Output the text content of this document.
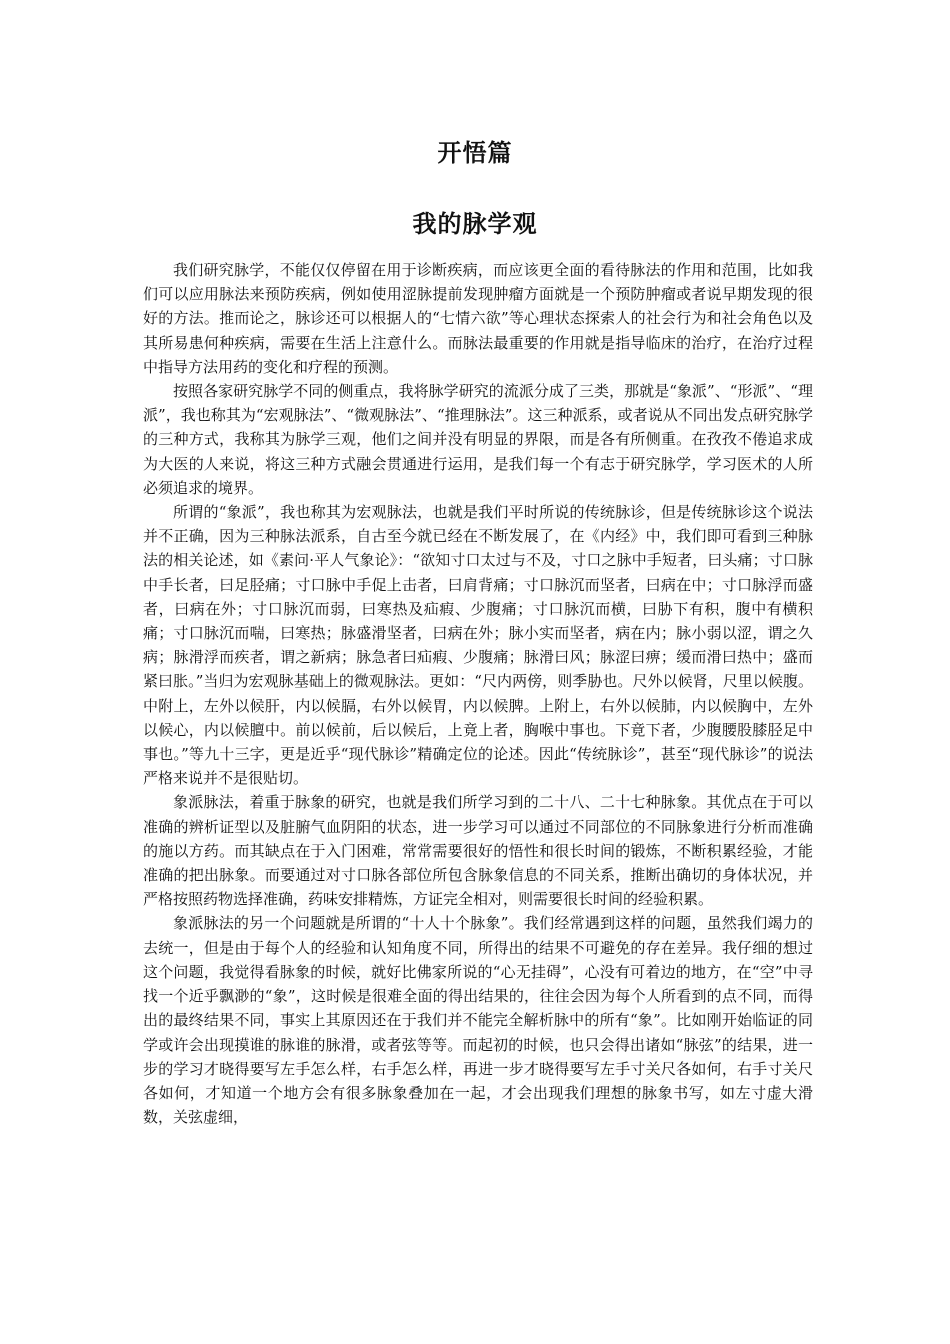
开悟篇
我的脉学观

我们研究脉学，不能仅仅停留在用于诊断疾病，而应该更全面的看待脉法的作用和范围，比如我们可以应用脉法来预防疾病，例如使用涩脉提前发现肿瘤方面就是一个预防肿瘤或者说早期发现的很好的方法。推而论之，脉诊还可以根据人的“七情六欲”等心理状态探索人的社会行为和社会角色以及其所易患何种疾病，需要在生活上注意什么。而脉法最重要的作用就是指导临床的治疗，在治疗过程中指导方法用药的变化和疗程的预测。

按照各家研究脉学不同的侧重点，我将脉学研究的流派分成了三类，那就是“象派”、“形派”、“理派”，我也称其为“宏观脉法”、“微观脉法”、“推理脉法”。这三种派系，或者说从不同出发点研究脉学的三种方式，我称其为脉学三观，他们之间并没有明显的界限，而是各有所侧重。在孜孜不倦追求成为大医的人来说，将这三种方式融会贯通进行运用，是我们每一个有志于研究脉学，学习医术的人所必须追求的境界。

所谓的“象派”，我也称其为宏观脉法，也就是我们平时所说的传统脉诊，但是传统脉诊这个说法并不正确，因为三种脉法派系，自古至今就已经在不断发展了，在《内经》中，我们即可看到三种脉法的相关论述，如《素问·平人气象论》：“欲知寸口太过与不及，寸口之脉中手短者，曰头痛；寸口脉中手长者，曰足胫痛；寸口脉中手促上击者，曰肩背痛；寸口脉沉而坚者，曰病在中；寸口脉浮而盛者，曰病在外；寸口脉沉而弱，曰寒热及疝瘕、少腹痛；寸口脉沉而横，曰胁下有积，腹中有横积痛；寸口脉沉而喘，曰寒热；脉盛滑坚者，曰病在外；脉小实而坚者，病在内；脉小弱以涩，谓之久病；脉滑浮而疾者，谓之新病；脉急者曰疝瘕、少腹痛；脉滑曰风；脉涩曰痹；缓而滑曰热中；盛而紧曰胀。”当归为宏观脉基础上的微观脉法。更如：“尺内两傍，则季胁也。尺外以候肾，尺里以候腹。中附上，左外以候肝，内以候膈，右外以候胃，内以候脾。上附上，右外以候肺，内以候胸中，左外以候心，内以候膻中。前以候前，后以候后，上竟上者，胸喉中事也。下竟下者，少腹腰股膝胫足中事也。”等九十三字，更是近乎“现代脉诊”精确定位的论述。因此“传统脉诊”，甚至“现代脉诊”的说法严格来说并不是很贴切。

象派脉法，着重于脉象的研究，也就是我们所学习到的二十八、二十七种脉象。其优点在于可以准确的辨析证型以及脏腑气血阴阳的状态，进一步学习可以通过不同部位的不同脉象进行分析而准确的施以方药。而其缺点在于入门困难，常常需要很好的悟性和很长时间的锻炼，不断积累经验，才能准确的把出脉象。而要通过对寸口脉各部位所包含脉象信息的不同关系，推断出确切的身体状况，并严格按照药物选择准确，药味安排精炼，方证完全相对，则需要很长时间的经验积累。

象派脉法的另一个问题就是所谓的“十人十个脉象”。我们经常遇到这样的问题，虽然我们竭力的去统一，但是由于每个人的经验和认知角度不同，所得出的结果不可避免的存在差异。我仔细的想过这个问题，我觉得看脉象的时候，就好比佛家所说的“心无挂碍”，心没有可着边的地方，在“空”中寻找一个近乎飘渺的“象”，这时候是很难全面的得出结果的，往往会因为每个人所看到的点不同，而得出的最终结果不同，事实上其原因还在于我们并不能完全解析脉中的所有“象”。比如刚开始临证的同学或许会出现摸谁的脉谁的脉滑，或者弦等等。而起初的时候，也只会得出诸如“脉弦”的结果，进一步的学习才晓得要写左手怎么样，右手怎么样，再进一步才晓得要写左手寸关尺各如何，右手寸关尺各如何，才知道一个地方会有很多脉象叠加在一起，才会出现我们理想的脉象书写，如左寸虚大滑数，关弦虚细，
